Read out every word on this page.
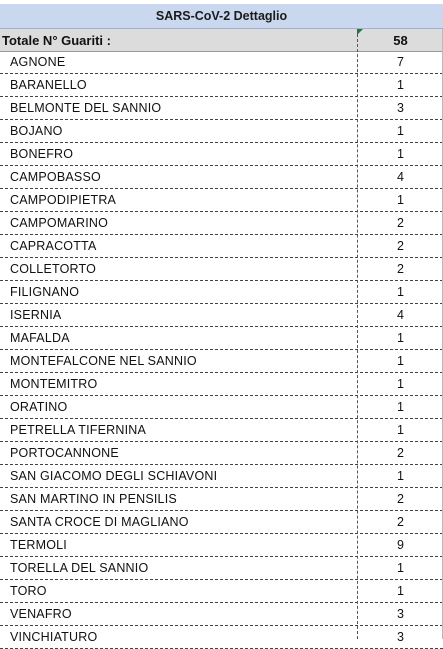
SARS-CoV-2 Dettaglio
Totale N° Guariti :	58
AGNONE	7
BARANELLO	1
BELMONTE DEL SANNIO	3
BOJANO	1
BONEFRO	1
CAMPOBASSO	4
CAMPODIPIETRA	1
CAMPOMARINO	2
CAPRACOTTA	2
COLLETORTO	2
FILIGNANO	1
ISERNIA	4
MAFALDA	1
MONTEFALCONE NEL SANNIO	1
MONTEMITRO	1
ORATINO	1
PETRELLA TIFERNINA	1
PORTOCANNONE	2
SAN GIACOMO DEGLI SCHIAVONI	1
SAN MARTINO IN PENSILIS	2
SANTA CROCE DI MAGLIANO	2
TERMOLI	9
TORELLA DEL SANNIO	1
TORO	1
VENAFRO	3
VINCHIATURO	3
